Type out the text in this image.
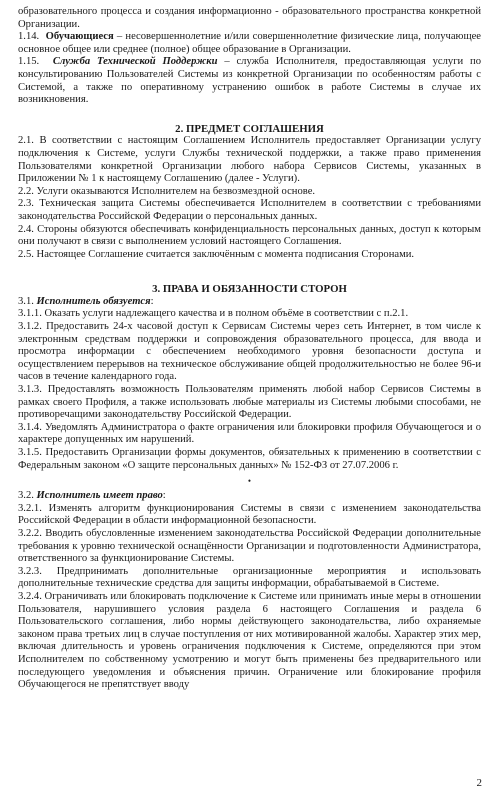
образовательного процесса и создания информационно - образовательного пространства конкретной Организации.

1.14. Обучающиеся – несовершеннолетние и/или совершеннолетние физические лица, получающее основное общее или среднее (полное) общее образование в Организации.

1.15. Служба Технической Поддержки – служба Исполнителя, предоставляющая услуги по консультированию Пользователей Системы из конкретной Организации по особенностям работы с Системой, а также по оперативному устранению ошибок в работе Системы в случае их возникновения.

2. ПРЕДМЕТ СОГЛАШЕНИЯ

2.1. В соответствии с настоящим Соглашением Исполнитель предоставляет Организации услугу подключения к Системе, услуги Службы технической поддержки, а также право применения Пользователями конкретной Организации любого набора Сервисов Системы, указанных в Приложении № 1 к настоящему Соглашению (далее - Услуги).

2.2. Услуги оказываются Исполнителем на безвозмездной основе.

2.3. Техническая защита Системы обеспечивается Исполнителем в соответствии с требованиями законодательства Российской Федерации о персональных данных.

2.4. Стороны обязуются обеспечивать конфиденциальность персональных данных, доступ к которым они получают в связи с выполнением условий настоящего Соглашения.

2.5. Настоящее Соглашение считается заключённым с момента подписания Сторонами.

3. ПРАВА И ОБЯЗАННОСТИ СТОРОН

3.1. Исполнитель обязуется:

3.1.1. Оказать услуги надлежащего качества и в полном объёме в соответствии с п.2.1.

3.1.2. Предоставить 24-х часовой доступ к Сервисам Системы через сеть Интернет, в том числе к электронным средствам поддержки и сопровождения образовательного процесса, для ввода и просмотра информации с обеспечением необходимого уровня безопасности доступа и осуществлением перерывов на техническое обслуживание общей продолжительностью не более 96-и часов в течение календарного года.

3.1.3. Предоставлять возможность Пользователям применять любой набор Сервисов Системы в рамках своего Профиля, а также использовать любые материалы из Системы любыми способами, не противоречащими законодательству Российской Федерации.

3.1.4. Уведомлять Администратора о факте ограничения или блокировки профиля Обучающегося и о характере допущенных им нарушений.

3.1.5. Предоставить Организации формы документов, обязательных к применению в соответствии с Федеральным законом «О защите персональных данных» № 152-ФЗ от 27.07.2006 г.

•

3.2. Исполнитель имеет право:

3.2.1. Изменять алгоритм функционирования Системы в связи с изменением законодательства Российской Федерации в области информационной безопасности.

3.2.2. Вводить обусловленные изменением законодательства Российской Федерации дополнительные требования к уровню технической оснащённости Организации и подготовленности Администратора, ответственного за функционирование Системы.

3.2.3. Предпринимать дополнительные организационные мероприятия и использовать дополнительные технические средства для защиты информации, обрабатываемой в Системе.

3.2.4. Ограничивать или блокировать подключение к Системе или принимать иные меры в отношении Пользователя, нарушившего условия раздела 6 настоящего Соглашения и раздела 6 Пользовательского соглашения, либо нормы действующего законодательства, либо охраняемые законом права третьих лиц в случае поступления от них мотивированной жалобы. Характер этих мер, включая длительность и уровень ограничения подключения к Системе, определяются при этом Исполнителем по собственному усмотрению и могут быть применены без предварительного или последующего уведомления и объяснения причин. Ограничение или блокирование профиля Обучающегося не препятствует вводу

2
